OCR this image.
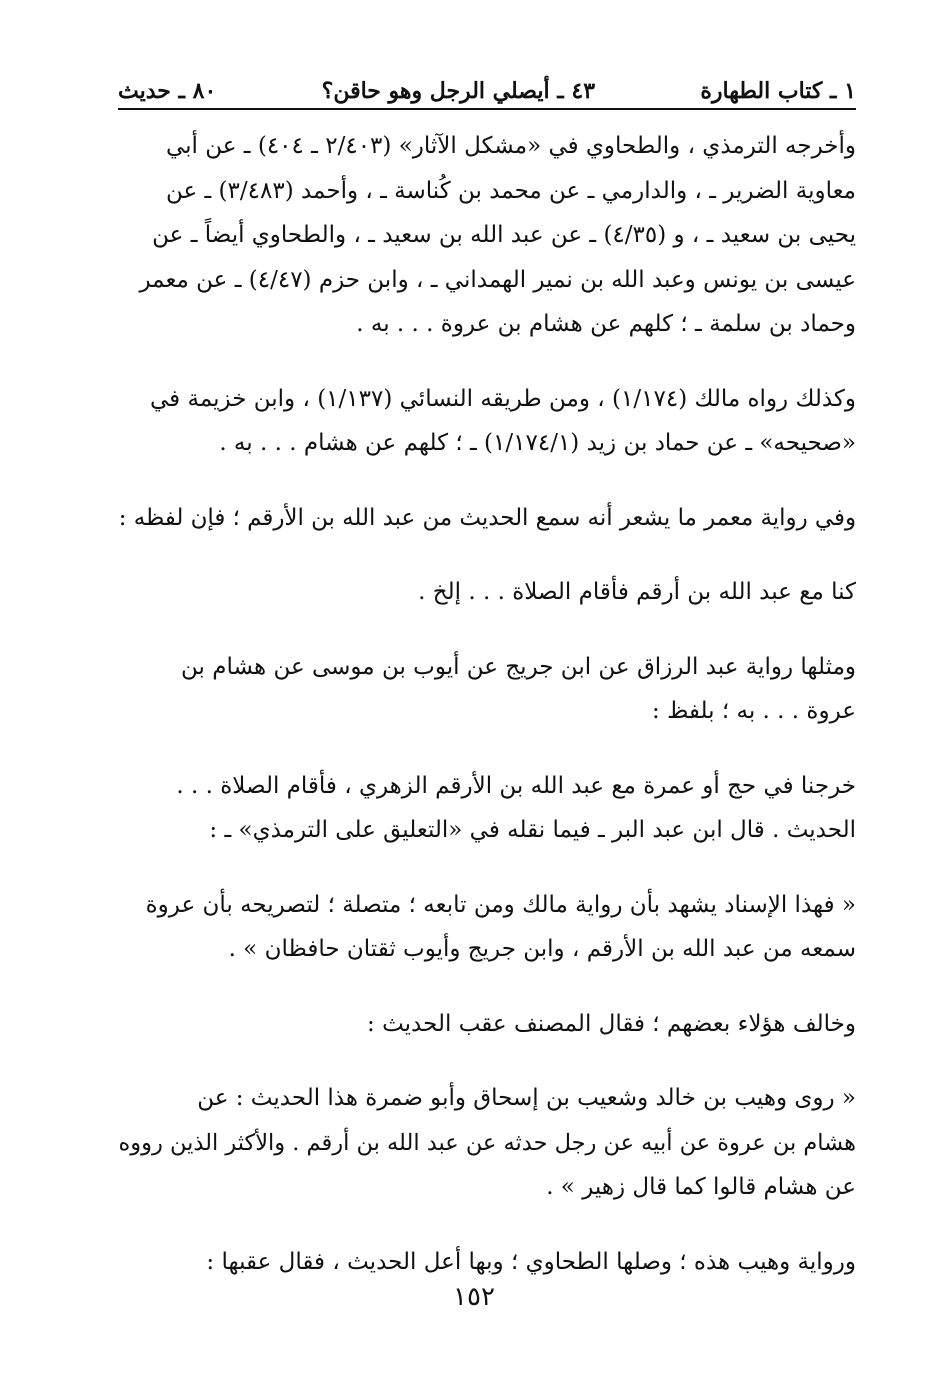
١ ـ كتاب الطهارة
٤٣ ـ أيصلي الرجل وهو حاقن؟
٨٠ ـ حديث

وأخرجه الترمذي ، والطحاوي في «مشكل الآثار» (٢/٤٠٣ ـ ٤٠٤) ـ عن أبي

معاوية الضرير ـ ، والدارمي ـ عن محمد بن كُناسة ـ ، وأحمد (٣/٤٨٣) ـ عن

يحيى بن سعيد ـ ، و (٤/٣٥) ـ عن عبد الله بن سعيد ـ ، والطحاوي أيضاً ـ عن

عيسى بن يونس وعبد الله بن نمير الهمداني ـ ، وابن حزم (٤/٤٧) ـ عن معمر

وحماد بن سلمة ـ ؛ كلهم عن هشام بن عروة . . . به .

وكذلك رواه مالك (١/١٧٤) ، ومن طريقه النسائي (١/١٣٧) ، وابن خزيمة في

«صحيحه» ـ عن حماد بن زيد (١/١٧٤/١) ـ ؛ كلهم عن هشام . . . به .

وفي رواية معمر ما يشعر أنه سمع الحديث من عبد الله بن الأرقم ؛ فإن لفظه :

كنا مع عبد الله بن أرقم فأقام الصلاة . . . إلخ .

ومثلها رواية عبد الرزاق عن ابن جريج عن أيوب بن موسى عن هشام بن

عروة . . . به ؛ بلفظ :

خرجنا في حج أو عمرة مع عبد الله بن الأرقم الزهري ، فأقام الصلاة . . .

الحديث . قال ابن عبد البر ـ فيما نقله في «التعليق على الترمذي» ـ :

« فهذا الإسناد يشهد بأن رواية مالك ومن تابعه ؛ متصلة ؛ لتصريحه بأن عروة

سمعه من عبد الله بن الأرقم ، وابن جريج وأيوب ثقتان حافظان » .

وخالف هؤلاء بعضهم ؛ فقال المصنف عقب الحديث :

« روى وهيب بن خالد وشعيب بن إسحاق وأبو ضمرة هذا الحديث : عن

هشام بن عروة عن أبيه عن رجل حدثه عن عبد الله بن أرقم . والأكثر الذين رووه

عن هشام قالوا كما قال زهير » .

ورواية وهيب هذه ؛ وصلها الطحاوي ؛ وبها أعل الحديث ، فقال عقبها :

١٥٢
